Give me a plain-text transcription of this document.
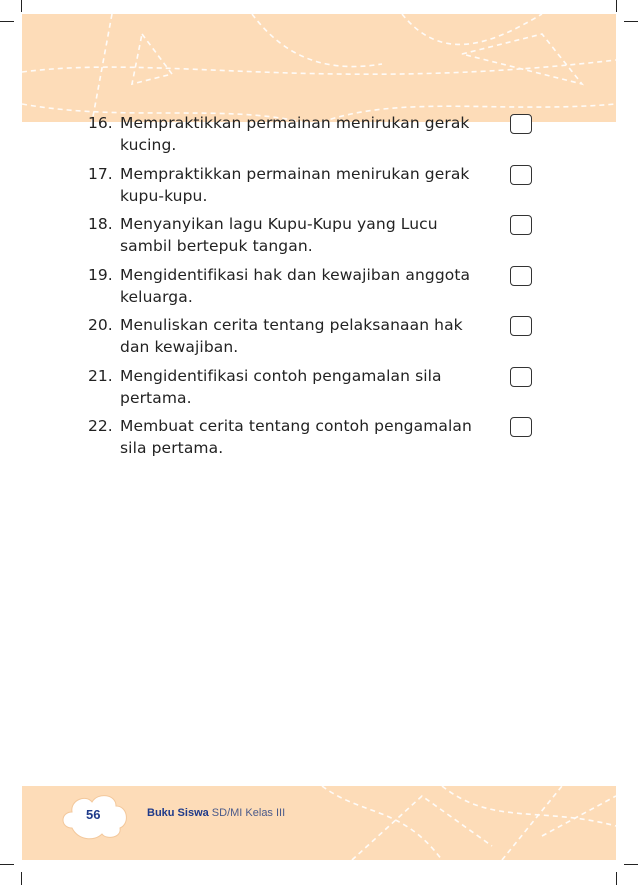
16. Mempraktikkan permainan menirukan gerak kucing.
17. Mempraktikkan permainan menirukan gerak kupu-kupu.
18. Menyanyikan lagu Kupu-Kupu yang Lucu sambil bertepuk tangan.
19. Mengidentifikasi hak dan kewajiban anggota keluarga.
20. Menuliskan cerita tentang pelaksanaan hak dan kewajiban.
21. Mengidentifikasi contoh pengamalan sila pertama.
22. Membuat cerita tentang contoh pengamalan sila pertama.
56	Buku Siswa SD/MI Kelas III
